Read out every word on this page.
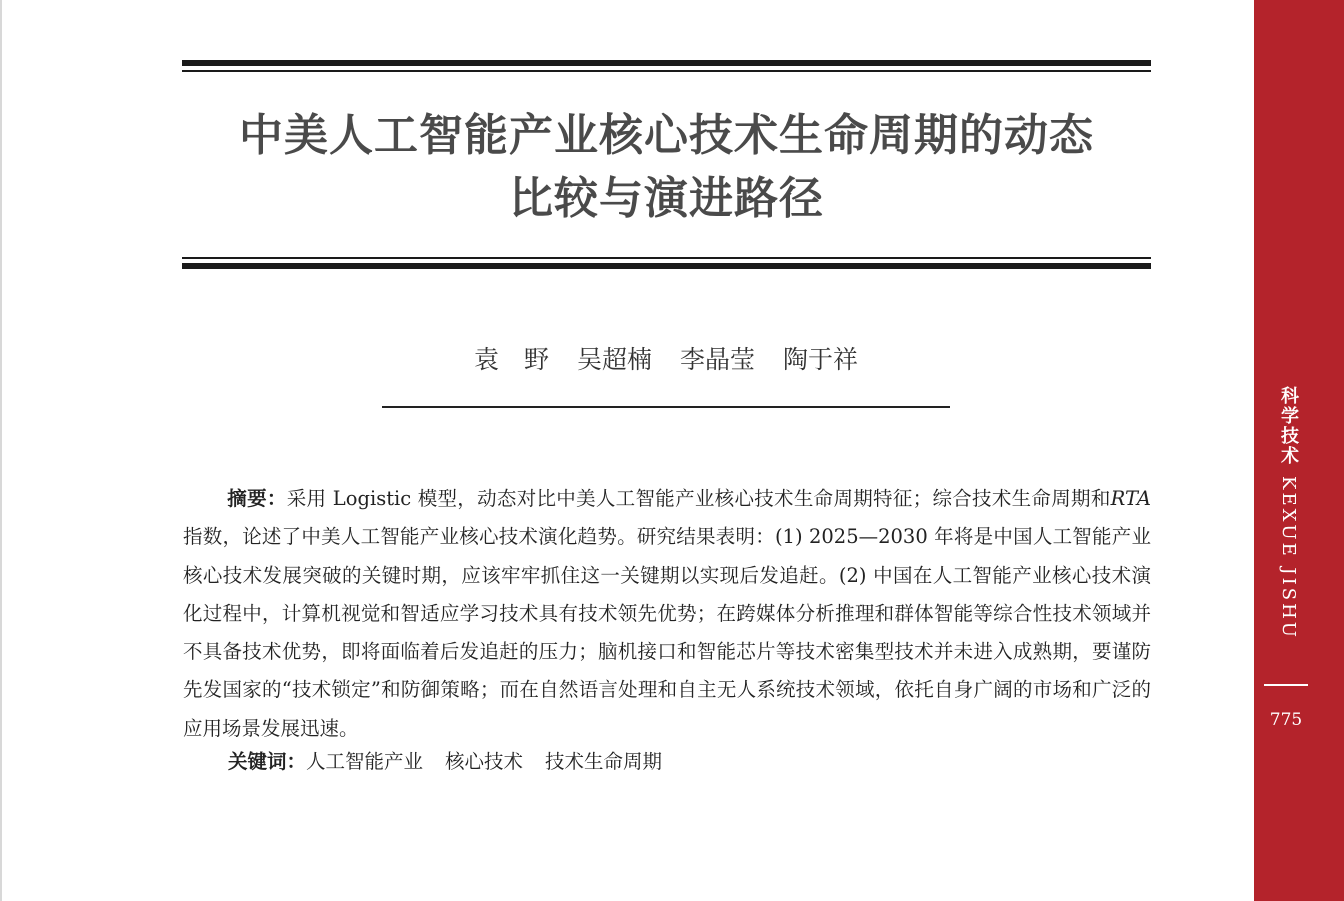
中美人工智能产业核心技术生命周期的动态
比较与演进路径
袁　野 吴超楠 李晶莹 陶于祥
摘要：采用 Logistic 模型，动态对比中美人工智能产业核心技术生命周期特征；综合技术生命周期和RTA 指数，论述了中美人工智能产业核心技术演化趋势。研究结果表明：(1) 2025—2030 年将是中国人工智能产业核心技术发展突破的关键时期，应该牢牢抓住这一关键期以实现后发追赶。(2) 中国在人工智能产业核心技术演化过程中，计算机视觉和智适应学习技术具有技术领先优势；在跨媒体分析推理和群体智能等综合性技术领域并不具备技术优势，即将面临着后发追赶的压力；脑机接口和智能芯片等技术密集型技术并未进入成熟期，要谨防先发国家的“技术锁定”和防御策略；而在自然语言处理和自主无人系统技术领域，依托自身广阔的市场和广泛的应用场景发展迅速。
关键词：人工智能产业 核心技术 技术生命周期
科学技术KEXUE JISHU
775
